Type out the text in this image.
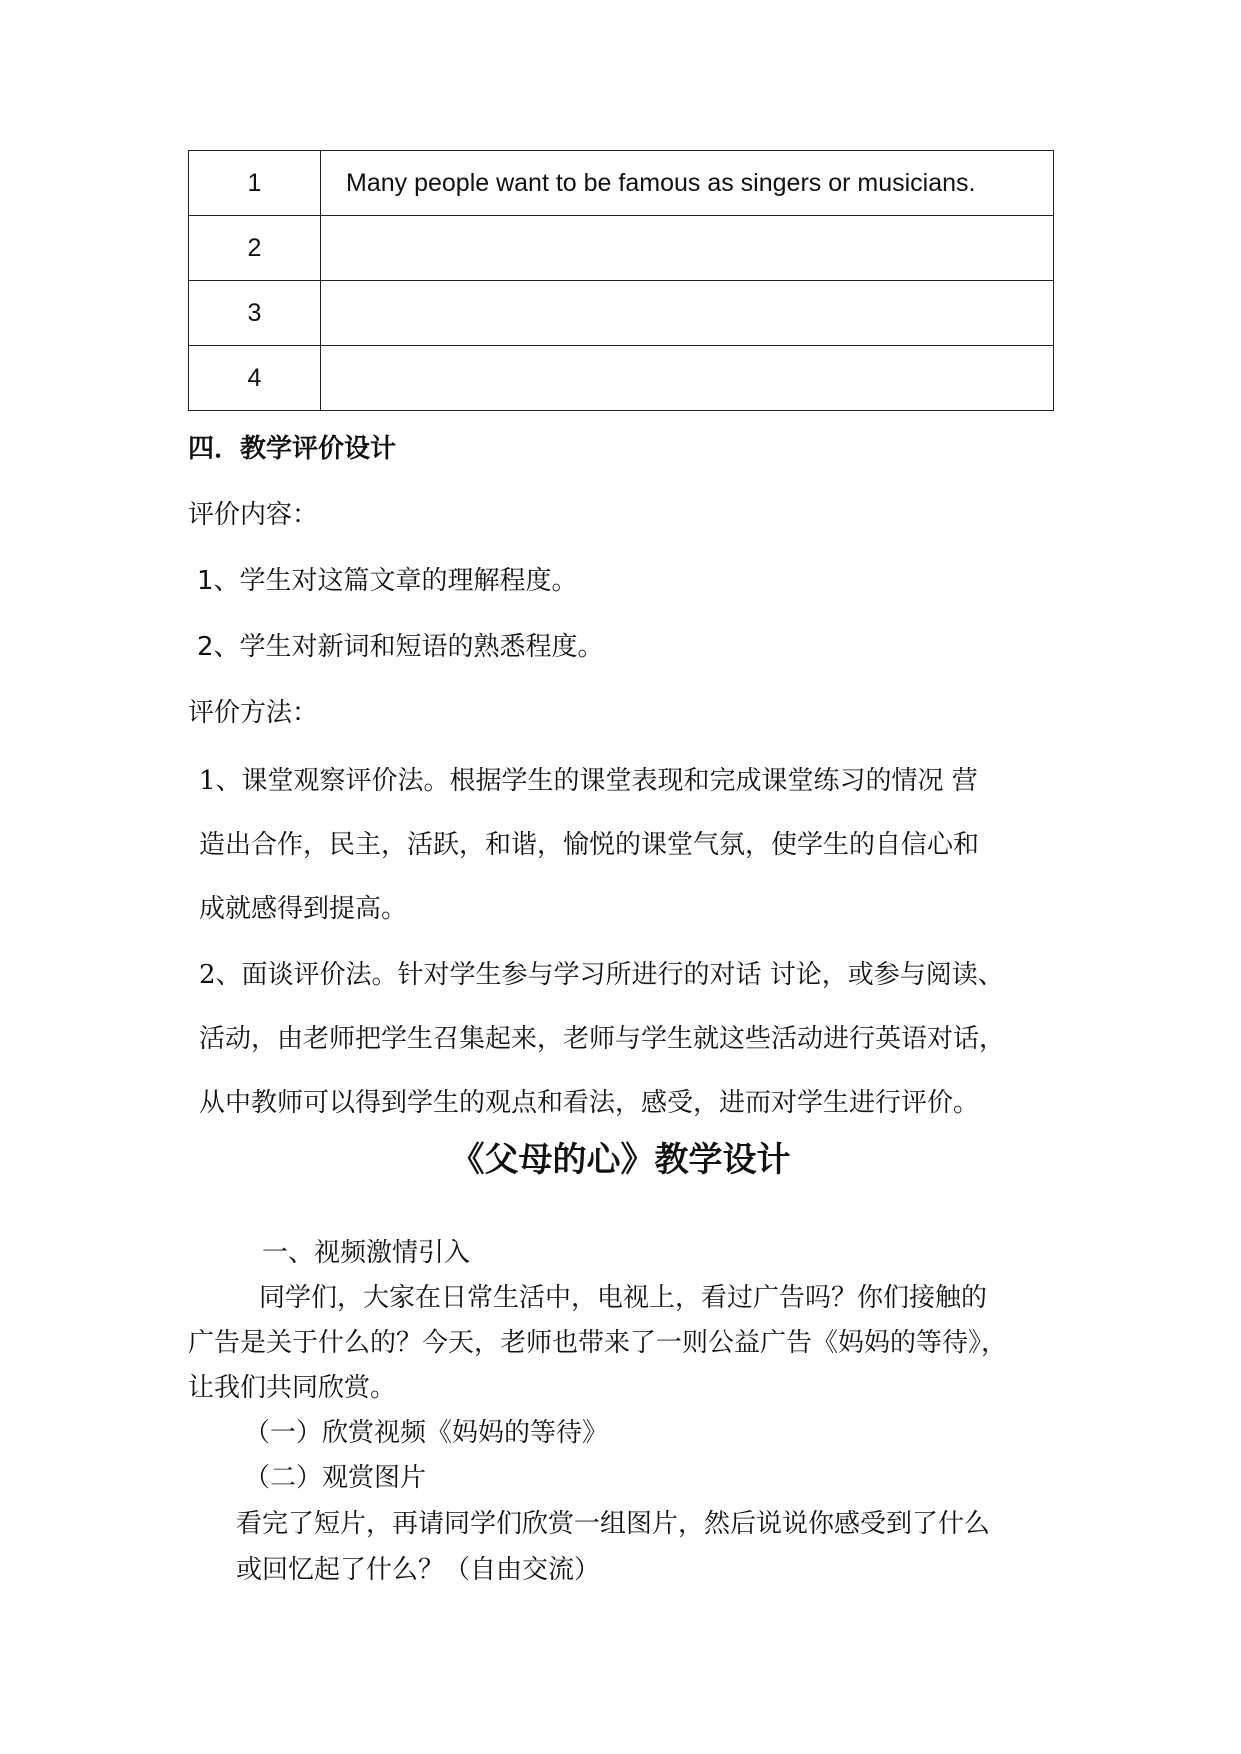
1	Many people want to be famous as singers or musicians.
2	
3	
4	
四．教学评价设计
评价内容：
1、学生对这篇文章的理解程度。
2、学生对新词和短语的熟悉程度。
评价方法：
1、课堂观察评价法。根据学生的课堂表现和完成课堂练习的情况 营
造出合作，民主，活跃，和谐，愉悦的课堂气氛，使学生的自信心和
成就感得到提高。
2、面谈评价法。针对学生参与学习所进行的对话 讨论，或参与阅读、
活动，由老师把学生召集起来，老师与学生就这些活动进行英语对话，
从中教师可以得到学生的观点和看法，感受，进而对学生进行评价。
《父母的心》教学设计
一、视频激情引入
同学们，大家在日常生活中，电视上，看过广告吗？你们接触的
广告是关于什么的？今天，老师也带来了一则公益广告《妈妈的等待》，
让我们共同欣赏。
（一）欣赏视频《妈妈的等待》
（二）观赏图片
看完了短片，再请同学们欣赏一组图片，然后说说你感受到了什么
或回忆起了什么？（自由交流）
